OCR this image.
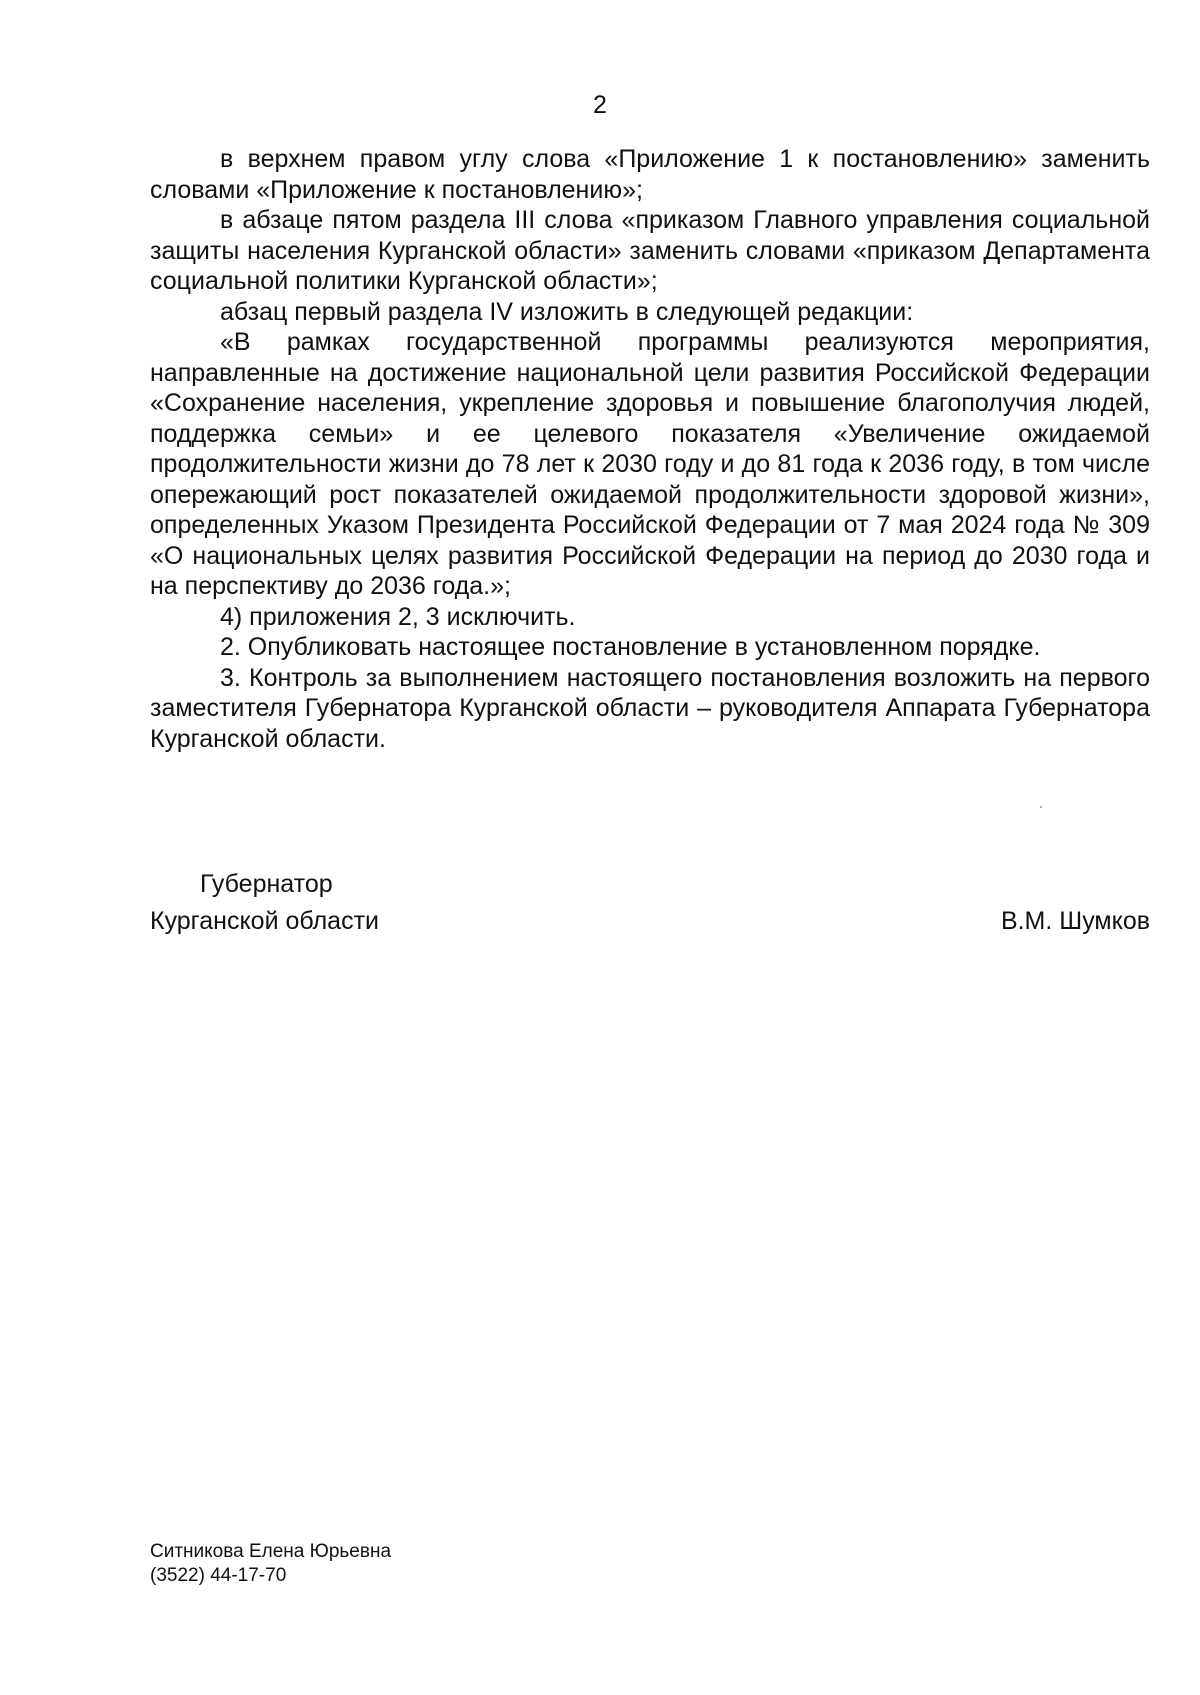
2

в верхнем правом углу слова «Приложение 1 к постановлению» заменить словами «Приложение к постановлению»;

в абзаце пятом раздела III слова «приказом Главного управления социальной защиты населения Курганской области» заменить словами «приказом Департамента социальной политики Курганской области»;

абзац первый раздела IV изложить в следующей редакции:

«В рамках государственной программы реализуются мероприятия, направленные на достижение национальной цели развития Российской Федерации «Сохранение населения, укрепление здоровья и повышение благополучия людей, поддержка семьи» и ее целевого показателя «Увеличение ожидаемой продолжительности жизни до 78 лет к 2030 году и до 81 года к 2036 году, в том числе опережающий рост показателей ожидаемой продолжительности здоровой жизни», определенных Указом Президента Российской Федерации от 7 мая 2024 года № 309 «О национальных целях развития Российской Федерации на период до 2030 года и на перспективу до 2036 года.»;

4) приложения 2, 3 исключить.

2. Опубликовать настоящее постановление в установленном порядке.

3. Контроль за выполнением настоящего постановления возложить на первого заместителя Губернатора Курганской области – руководителя Аппарата Губернатора Курганской области.

Губернатор
Курганской области	В.М. Шумков
Ситникова Елена Юрьевна
(3522) 44-17-70
